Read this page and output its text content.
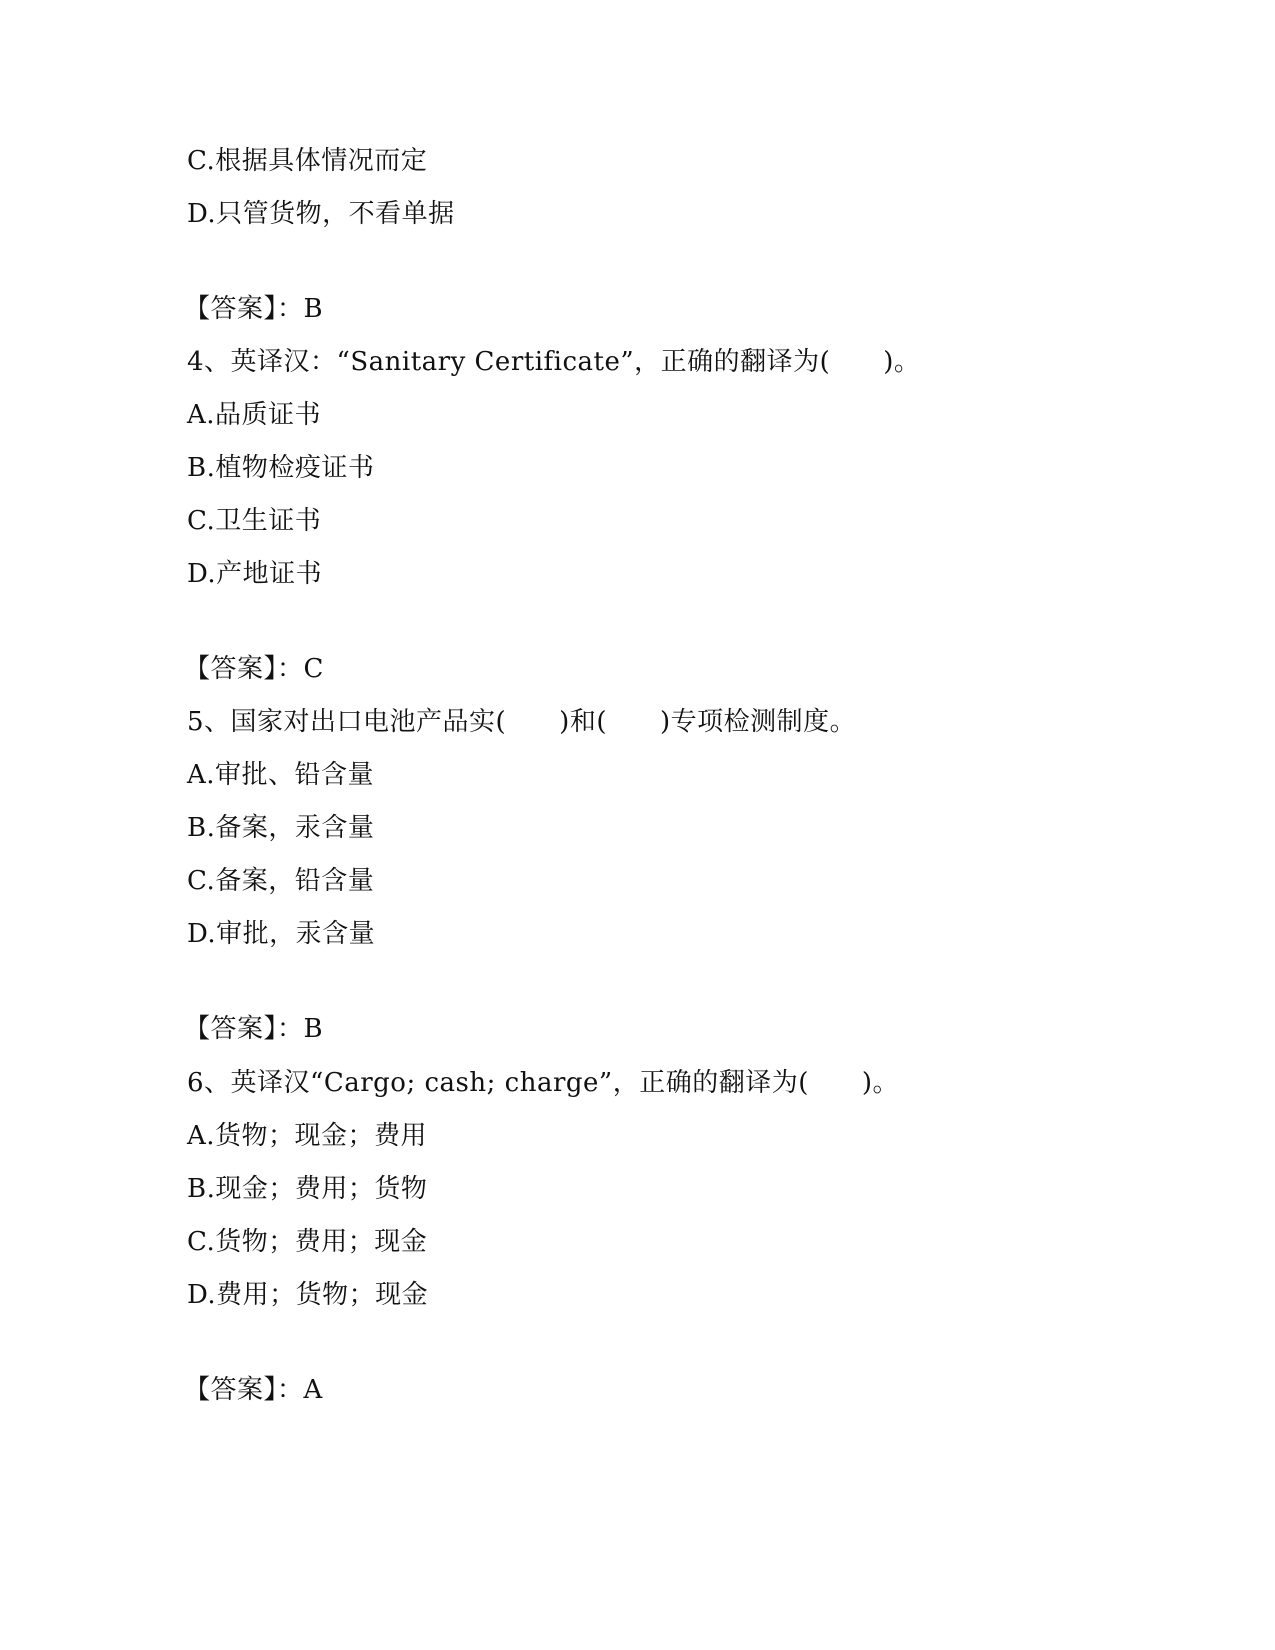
C.根据具体情况而定
D.只管货物，不看单据
【答案】：B
4、英译汉：“Sanitary Certificate”，正确的翻译为(　　)。
A.品质证书
B.植物检疫证书
C.卫生证书
D.产地证书
【答案】：C
5、国家对出口电池产品实(　　)和(　　)专项检测制度。
A.审批、铅含量
B.备案，汞含量
C.备案，铅含量
D.审批，汞含量
【答案】：B
6、英译汉“Cargo; cash; charge”，正确的翻译为(　　)。
A.货物；现金；费用
B.现金；费用；货物
C.货物；费用；现金
D.费用；货物；现金
【答案】：A
